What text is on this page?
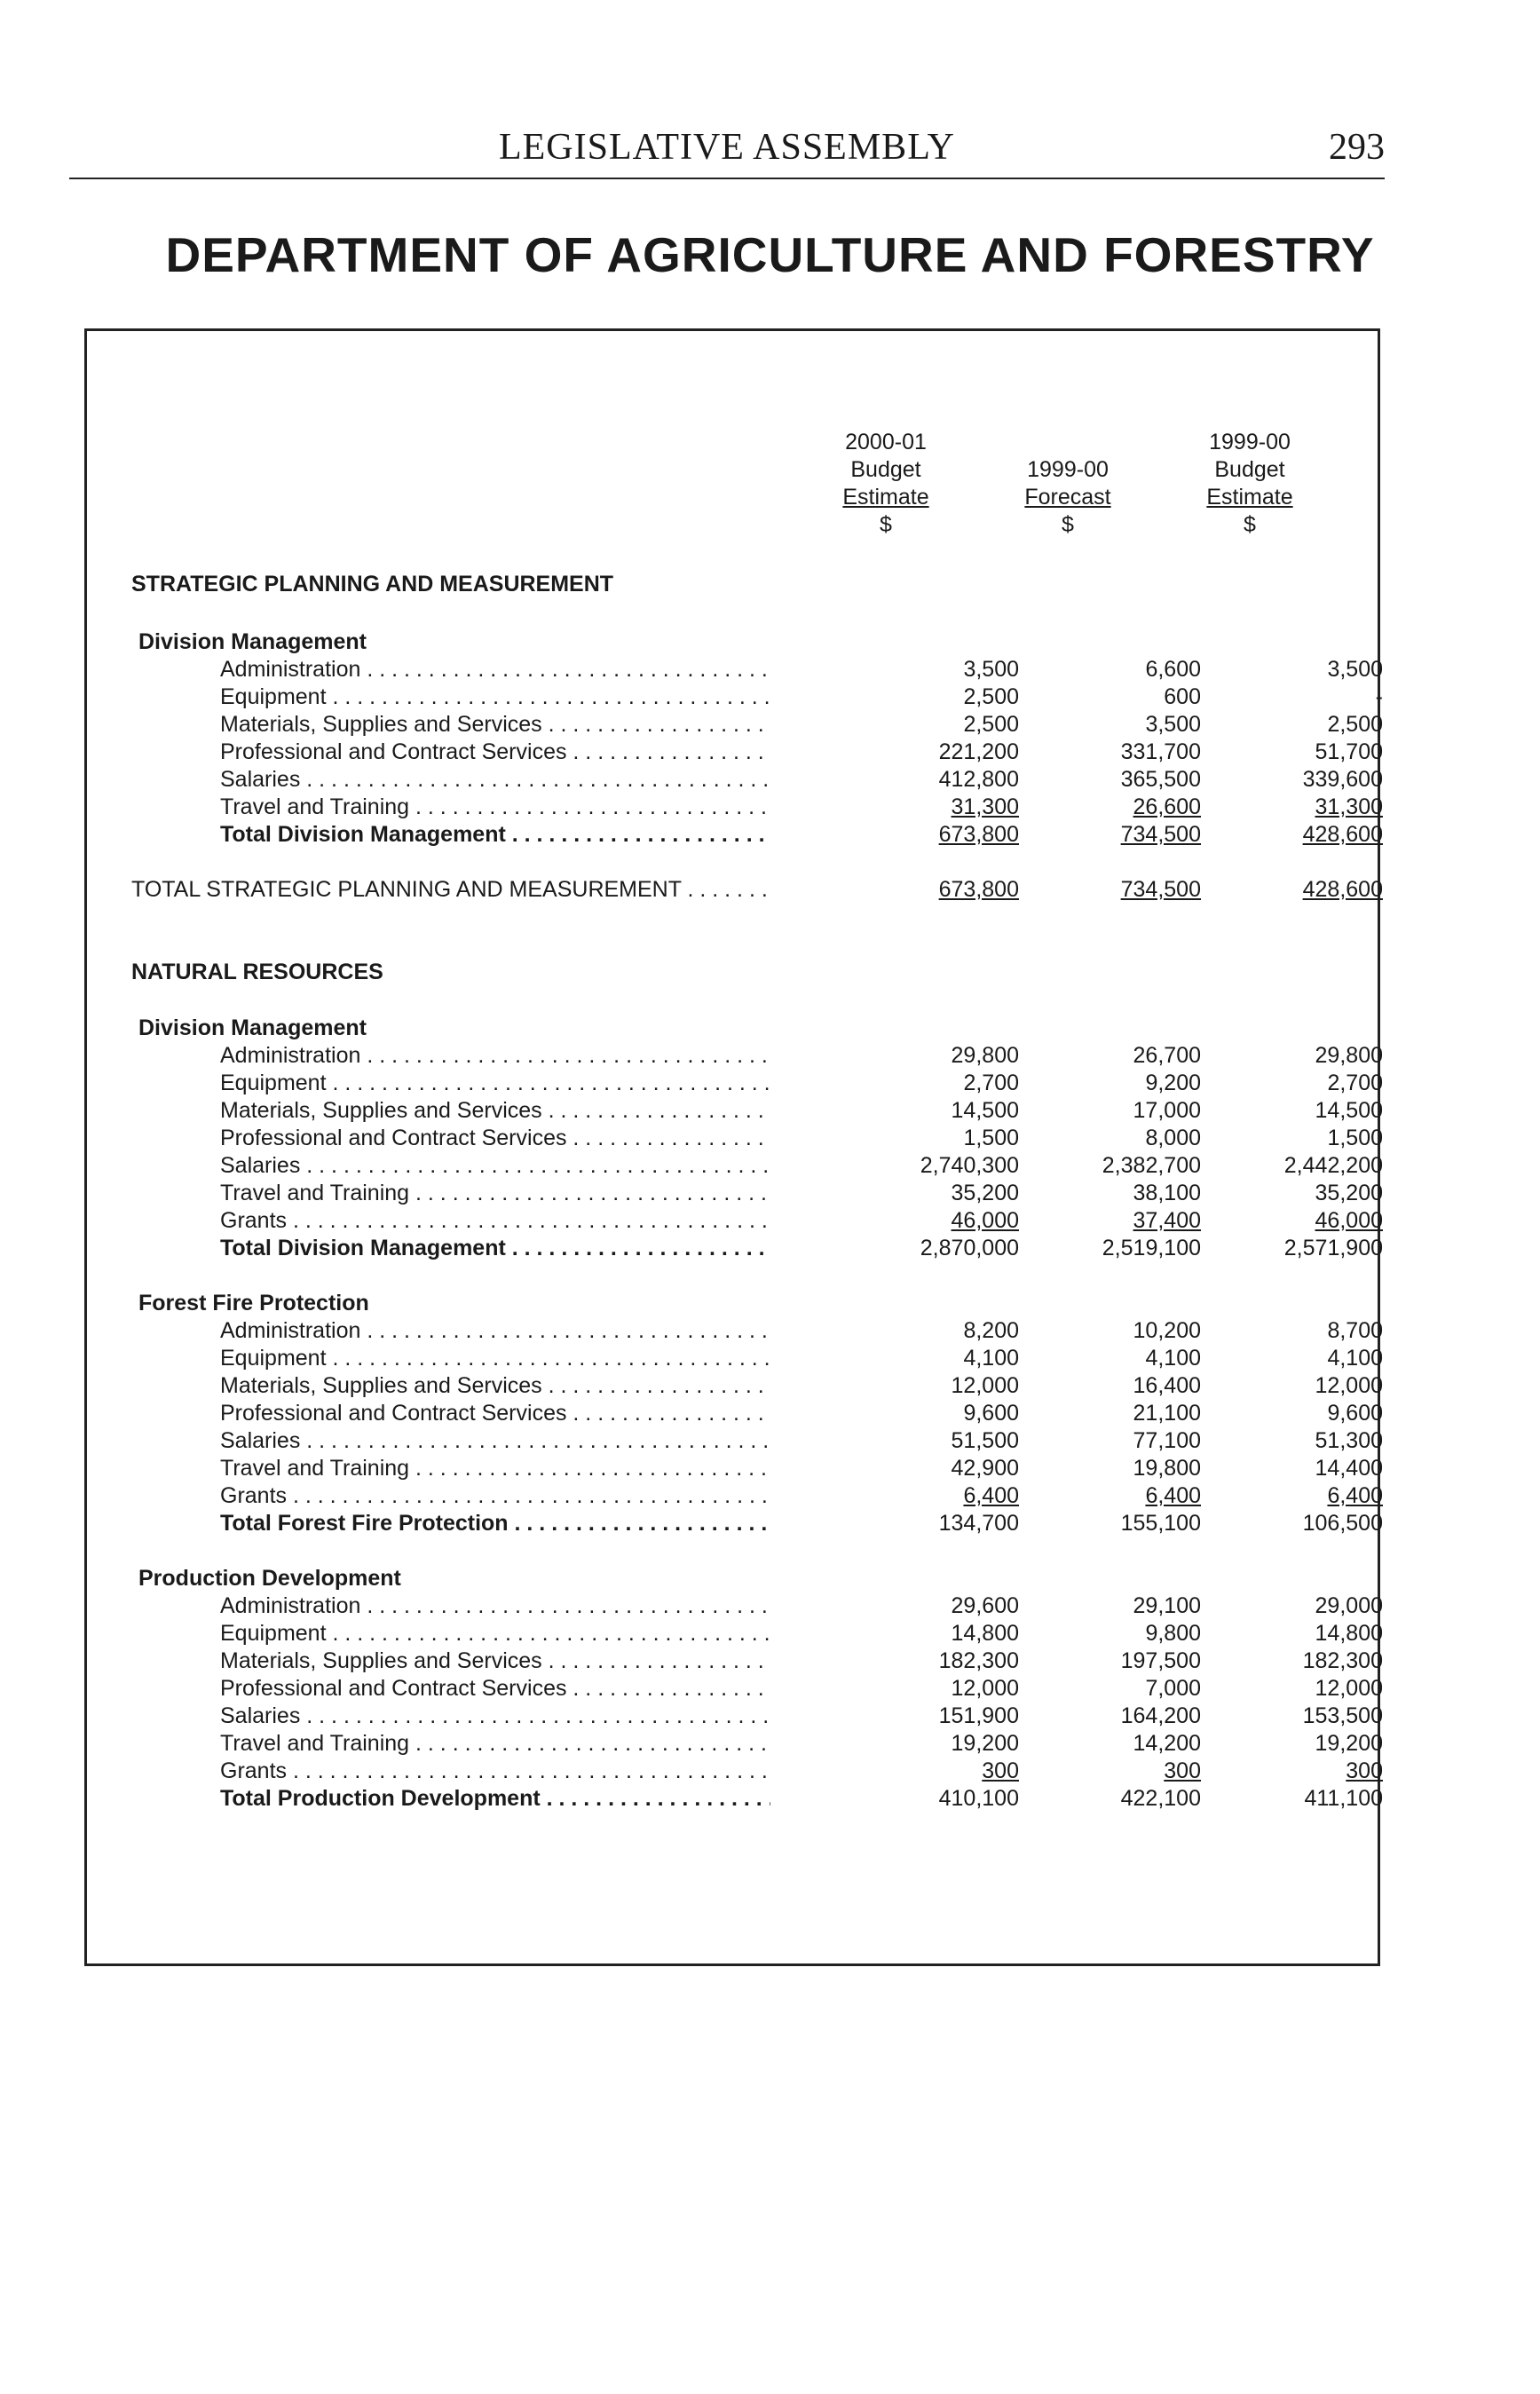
LEGISLATIVE ASSEMBLY	293
DEPARTMENT OF AGRICULTURE AND FORESTRY
2000-01
Budget
Estimate
$
1999-00
Forecast
$
1999-00
Budget
Estimate
$
STRATEGIC PLANNING AND MEASUREMENT
Division Management
Administration . . .	3,500	6,600	3,500
Equipment . . .	2,500	600	-
Materials, Supplies and Services . . .	2,500	3,500	2,500
Professional and Contract Services . . .	221,200	331,700	51,700
Salaries . . .	412,800	365,500	339,600
Travel and Training . . .	31,300	26,600	31,300
Total Division Management . . .	673,800	734,500	428,600
TOTAL STRATEGIC PLANNING AND MEASUREMENT . . .	673,800	734,500	428,600
NATURAL RESOURCES
Division Management
Administration . . .	29,800	26,700	29,800
Equipment . . .	2,700	9,200	2,700
Materials, Supplies and Services . . .	14,500	17,000	14,500
Professional and Contract Services . . .	1,500	8,000	1,500
Salaries . . .	2,740,300	2,382,700	2,442,200
Travel and Training . . .	35,200	38,100	35,200
Grants . . .	46,000	37,400	46,000
Total Division Management . . .	2,870,000	2,519,100	2,571,900
Forest Fire Protection
Administration . . .	8,200	10,200	8,700
Equipment . . .	4,100	4,100	4,100
Materials, Supplies and Services . . .	12,000	16,400	12,000
Professional and Contract Services . . .	9,600	21,100	9,600
Salaries . . .	51,500	77,100	51,300
Travel and Training . . .	42,900	19,800	14,400
Grants . . .	6,400	6,400	6,400
Total Forest Fire Protection . . .	134,700	155,100	106,500
Production Development
Administration . . .	29,600	29,100	29,000
Equipment . . .	14,800	9,800	14,800
Materials, Supplies and Services . . .	182,300	197,500	182,300
Professional and Contract Services . . .	12,000	7,000	12,000
Salaries . . .	151,900	164,200	153,500
Travel and Training . . .	19,200	14,200	19,200
Grants . . .	300	300	300
Total Production Development . . .	410,100	422,100	411,100
